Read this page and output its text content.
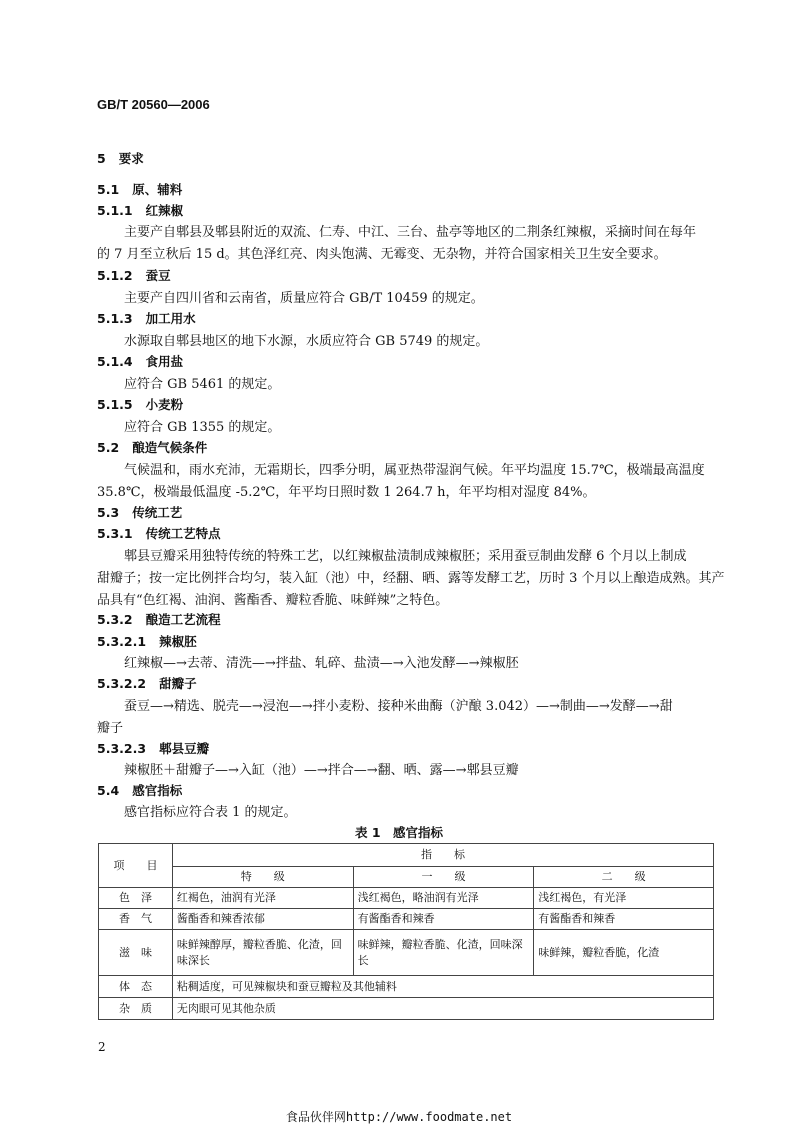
GB/T 20560—2006
5 要求
5.1 原、辅料
5.1.1 红辣椒
主要产自郫县及郫县附近的双流、仁寿、中江、三台、盐亭等地区的二荆条红辣椒，采摘时间在每年
的 7 月至立秋后 15 d。其色泽红亮、肉头饱满、无霉变、无杂物，并符合国家相关卫生安全要求。
5.1.2 蚕豆
主要产自四川省和云南省，质量应符合 GB/T 10459 的规定。
5.1.3 加工用水
水源取自郫县地区的地下水源，水质应符合 GB 5749 的规定。
5.1.4 食用盐
应符合 GB 5461 的规定。
5.1.5 小麦粉
应符合 GB 1355 的规定。
5.2 酿造气候条件
气候温和，雨水充沛，无霜期长，四季分明，属亚热带湿润气候。年平均温度 15.7℃，极端最高温度
35.8℃，极端最低温度 -5.2℃，年平均日照时数 1 264.7 h，年平均相对湿度 84%。
5.3 传统工艺
5.3.1 传统工艺特点
郫县豆瓣采用独特传统的特殊工艺，以红辣椒盐渍制成辣椒胚；采用蚕豆制曲发酵 6 个月以上制成
甜瓣子；按一定比例拌合均匀，装入缸（池）中，经翻、晒、露等发酵工艺，历时 3 个月以上酿造成熟。其产
品具有“色红褐、油润、酱酯香、瓣粒香脆、味鲜辣”之特色。
5.3.2 酿造工艺流程
5.3.2.1 辣椒胚
红辣椒—→去蒂、清洗—→拌盐、轧碎、盐渍—→入池发酵—→辣椒胚
5.3.2.2 甜瓣子
蚕豆—→精选、脱壳—→浸泡—→拌小麦粉、接种米曲酶（沪酿 3.042）—→制曲—→发酵—→甜
瓣子
5.3.2.3 郫县豆瓣
辣椒胚＋甜瓣子—→入缸（池）—→拌合—→翻、晒、露—→郫县豆瓣
5.4 感官指标
感官指标应符合表 1 的规定。
表 1　感官指标
项　　目	指　　标		
	特　　级	一　　级	二　　级
色　泽	红褐色，油润有光泽	浅红褐色，略油润有光泽	浅红褐色，有光泽
香　气	酱酯香和辣香浓郁	有酱酯香和辣香	有酱酯香和辣香
滋　味	味鲜辣醇厚，瓣粒香脆、化渣，回味深长	味鲜辣，瓣粒香脆、化渣，回味深长	味鲜辣，瓣粒香脆，化渣
体　态	粘稠适度，可见辣椒块和蚕豆瓣粒及其他辅料		
杂　质	无肉眼可见其他杂质		
2
食品伙伴网http://www.foodmate.net
